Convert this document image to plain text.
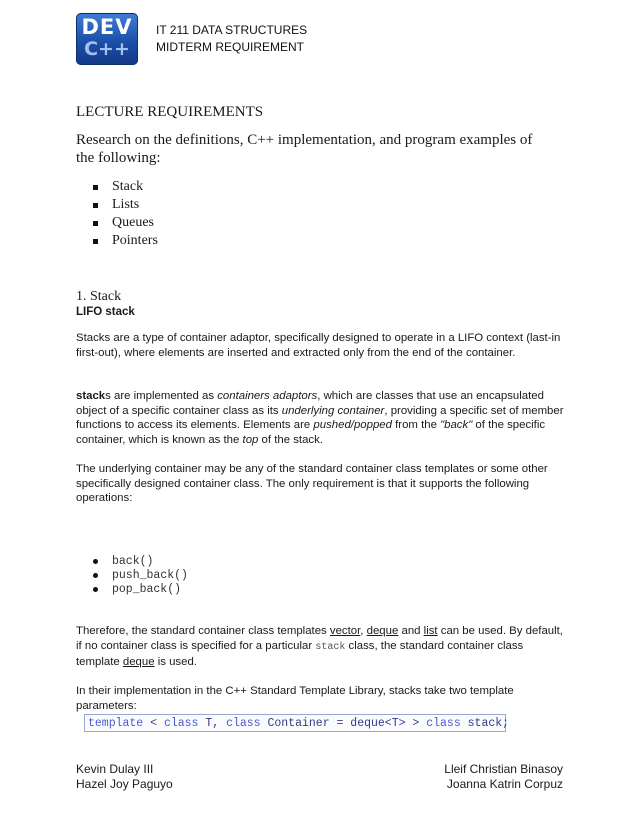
DEV
C++
IT 211 DATA STRUCTURES
MIDTERM REQUIREMENT
LECTURE REQUIREMENTS
Research on the definitions, C++ implementation, and program examples of the following:
Stack
Lists
Queues
Pointers
1. Stack
LIFO stack
Stacks are a type of container adaptor, specifically designed to operate in a LIFO context (last-in first-out), where elements are inserted and extracted only from the end of the container.
stacks are implemented as containers adaptors, which are classes that use an encapsulated object of a specific container class as its underlying container, providing a specific set of member functions to access its elements. Elements are pushed/popped from the "back" of the specific container, which is known as the top of the stack.
The underlying container may be any of the standard container class templates or some other specifically designed container class. The only requirement is that it supports the following operations:
back()
push_back()
pop_back()
Therefore, the standard container class templates vector, deque and list can be used. By default, if no container class is specified for a particular stack class, the standard container class template deque is used.
In their implementation in the C++ Standard Template Library, stacks take two template parameters:
template < class T, class Container = deque<T> > class stack;
Kevin Dulay III
Hazel Joy Paguyo
Lleif Christian Binasoy
Joanna Katrin Corpuz
